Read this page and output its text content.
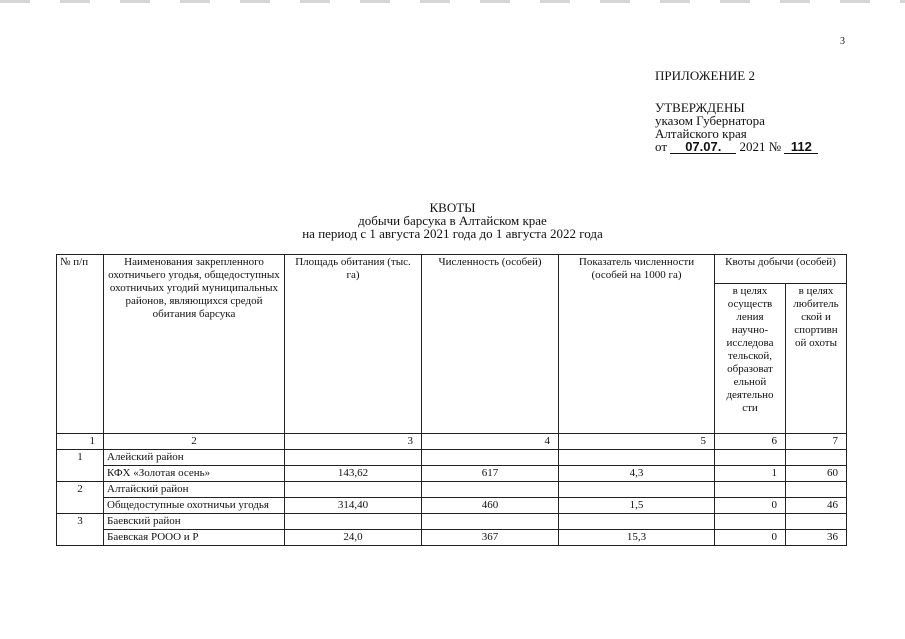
3
ПРИЛОЖЕНИЕ 2
УТВЕРЖДЕНЫ
указом Губернатора
Алтайского края
от 07.07. 2021 № 112
КВОТЫ
добычи барсука в Алтайском крае
на период с 1 августа 2021 года до 1 августа 2022 года
№ п/п	Наименования закрепленного охотничьего угодья, общедоступных охотничьих угодий муниципальных районов, являющихся средой обитания барсука	Площадь обитания (тыс. га)	Численность (особей)	Показатель численности (особей на 1000 га)	Квоты добычи (особей)	
					в целях осуществ ления научно-исследова тельской, образоват ельной деятельно сти	в целях любитель ской и спортивн ой охоты
1	2	3	4	5	6	7
1	Алейский район					
	КФХ «Золотая осень»	143,62	617	4,3	1	60
2	Алтайский район					
	Общедоступные охотничьи угодья	314,40	460	1,5	0	46
3	Баевский район					
	Баевская РООО и Р	24,0	367	15,3	0	36
